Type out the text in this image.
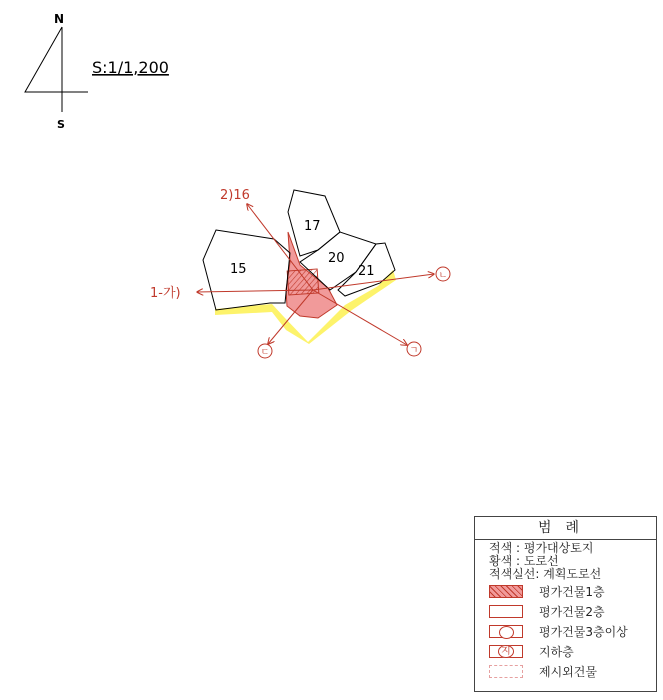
N
S
S:1/1,200
15
17
20
21
2)16
1-가)
ㄴ
ㄱ
ㄷ
범례
적색 : 평가대상토지
황색 : 도로선
적색실선: 계획도로선
평가건물1층
평가건물2층
평가건물3층이상
지	지하층
제시외건물
